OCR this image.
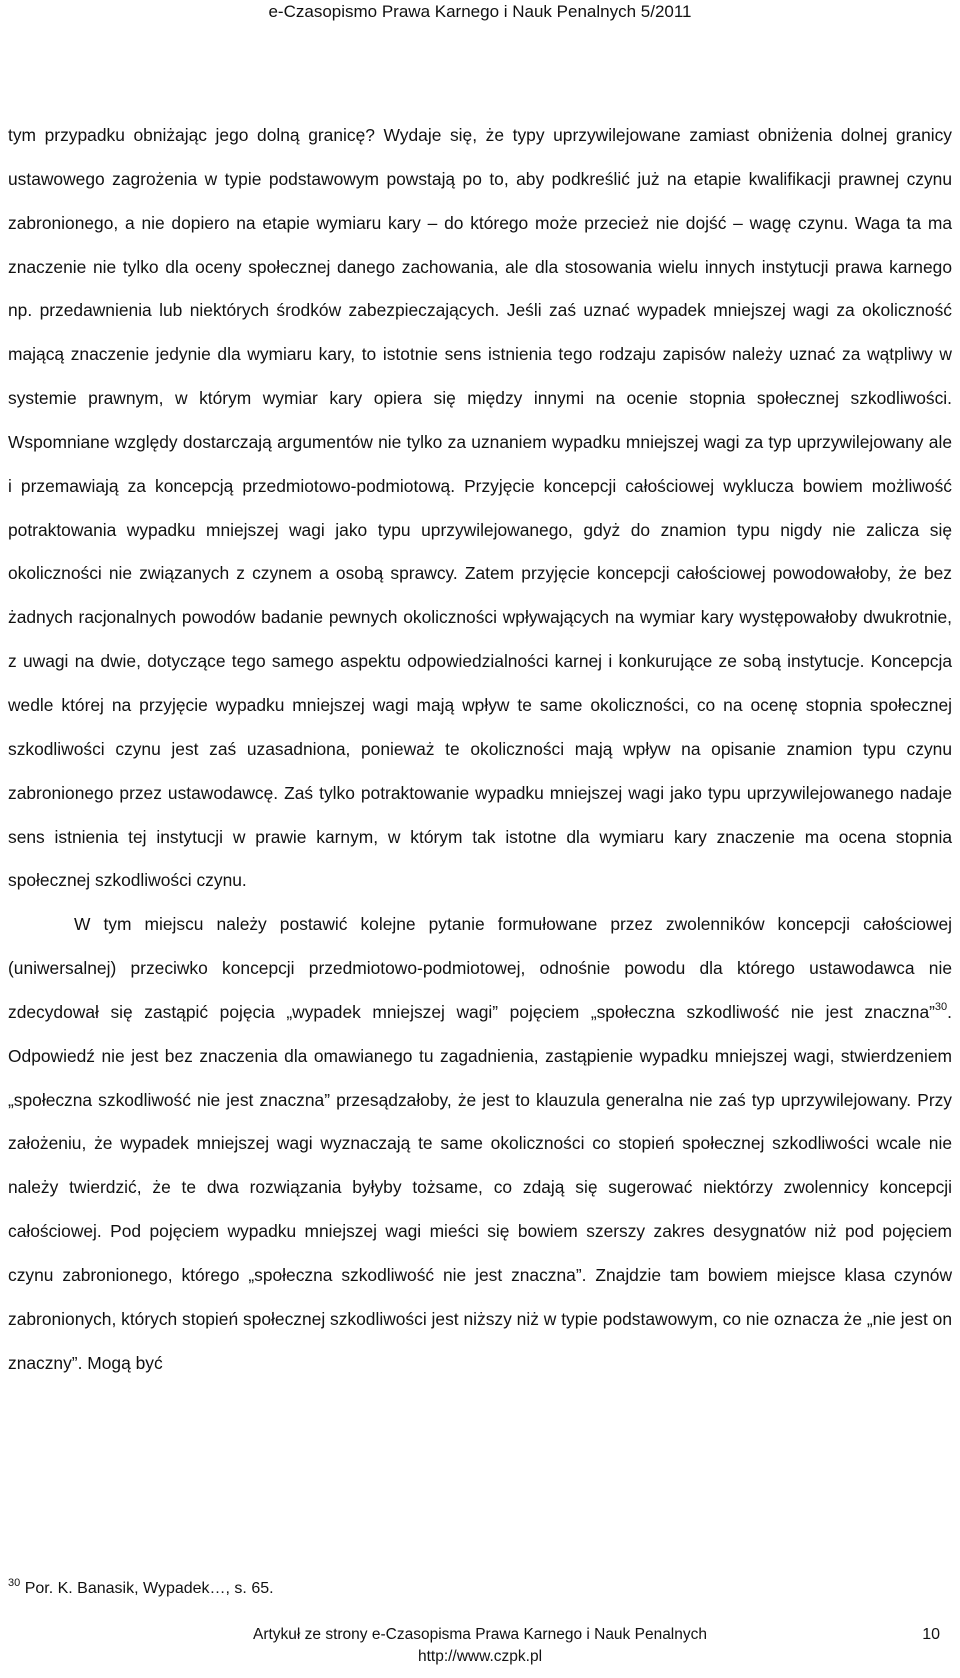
e-Czasopismo Prawa Karnego i Nauk Penalnych 5/2011

tym przypadku obniżając jego dolną granicę? Wydaje się, że typy uprzywilejowane zamiast obniżenia dolnej granicy ustawowego zagrożenia w typie podstawowym powstają po to, aby podkreślić już na etapie kwalifikacji prawnej czynu zabronionego, a nie dopiero na etapie wymiaru kary – do którego może przecież nie dojść – wagę czynu. Waga ta ma znaczenie nie tylko dla oceny społecznej danego zachowania, ale dla stosowania wielu innych instytucji prawa karnego np. przedawnienia lub niektórych środków zabezpieczających. Jeśli zaś uznać wypadek mniejszej wagi za okoliczność mającą znaczenie jedynie dla wymiaru kary, to istotnie sens istnienia tego rodzaju zapisów należy uznać za wątpliwy w systemie prawnym, w którym wymiar kary opiera się między innymi na ocenie stopnia społecznej szkodliwości. Wspomniane względy dostarczają argumentów nie tylko za uznaniem wypadku mniejszej wagi za typ uprzywilejowany ale i przemawiają za koncepcją przedmiotowo-podmiotową. Przyjęcie koncepcji całościowej wyklucza bowiem możliwość potraktowania wypadku mniejszej wagi jako typu uprzywilejowanego, gdyż do znamion typu nigdy nie zalicza się okoliczności nie związanych z czynem a osobą sprawcy. Zatem przyjęcie koncepcji całościowej powodowałoby, że bez żadnych racjonalnych powodów badanie pewnych okoliczności wpływających na wymiar kary występowałoby dwukrotnie, z uwagi na dwie, dotyczące tego samego aspektu odpowiedzialności karnej i konkurujące ze sobą instytucje. Koncepcja wedle której na przyjęcie wypadku mniejszej wagi mają wpływ te same okoliczności, co na ocenę stopnia społecznej szkodliwości czynu jest zaś uzasadniona, ponieważ te okoliczności mają wpływ na opisanie znamion typu czynu zabronionego przez ustawodawcę. Zaś tylko potraktowanie wypadku mniejszej wagi jako typu uprzywilejowanego nadaje sens istnienia tej instytucji w prawie karnym, w którym tak istotne dla wymiaru kary znaczenie ma ocena stopnia społecznej szkodliwości czynu.

W tym miejscu należy postawić kolejne pytanie formułowane przez zwolenników koncepcji całościowej (uniwersalnej) przeciwko koncepcji przedmiotowo-podmiotowej, odnośnie powodu dla którego ustawodawca nie zdecydował się zastąpić pojęcia „wypadek mniejszej wagi” pojęciem „społeczna szkodliwość nie jest znaczna”$^{30}$. Odpowiedź nie jest bez znaczenia dla omawianego tu zagadnienia, zastąpienie wypadku mniejszej wagi, stwierdzeniem „społeczna szkodliwość nie jest znaczna” przesądzałoby, że jest to klauzula generalna nie zaś typ uprzywilejowany. Przy założeniu, że wypadek mniejszej wagi wyznaczają te same okoliczności co stopień społecznej szkodliwości wcale nie należy twierdzić, że te dwa rozwiązania byłyby tożsame, co zdają się sugerować niektórzy zwolennicy koncepcji całościowej. Pod pojęciem wypadku mniejszej wagi mieści się bowiem szerszy zakres desygnatów niż pod pojęciem czynu zabronionego, którego „społeczna szkodliwość nie jest znaczna”. Znajdzie tam bowiem miejsce klasa czynów zabronionych, których stopień społecznej szkodliwości jest niższy niż w typie podstawowym, co nie oznacza że „nie jest on znaczny”. Mogą być

$^{30}$ Por. K. Banasik, Wypadek…, s. 65.
Artykuł ze strony e-Czasopisma Prawa Karnego i Nauk Penalnych
http://www.czpk.pl
10
